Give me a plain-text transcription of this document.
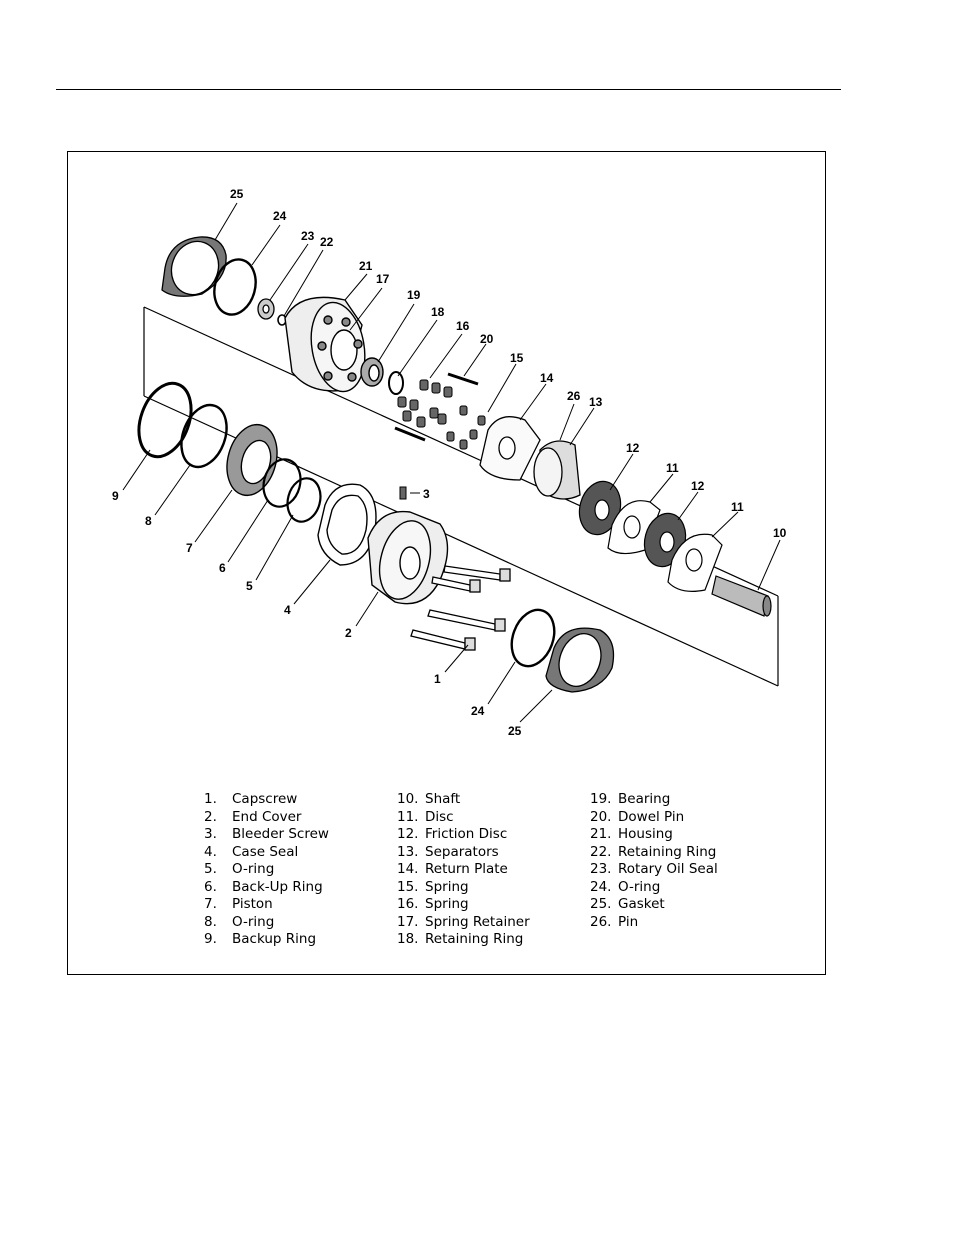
25
24
23 22
21
17
19
18
16
20
15
14
26 13
12
11
12
11
10
9
8
7
6
5
4
3
2
1
24
25
1.	Capscrew
2.	End Cover
3.	Bleeder Screw
4.	Case Seal
5.	O-ring
6.	Back-Up Ring
7.	Piston
8.	O-ring
9.	Backup Ring
10. Shaft
11. Disc
12. Friction Disc
13. Separators
14. Return Plate
15. Spring
16. Spring
17. Spring Retainer
18. Retaining Ring
19. Bearing
20. Dowel Pin
21. Housing
22. Retaining Ring
23. Rotary Oil Seal
24. O-ring
25. Gasket
26. Pin
